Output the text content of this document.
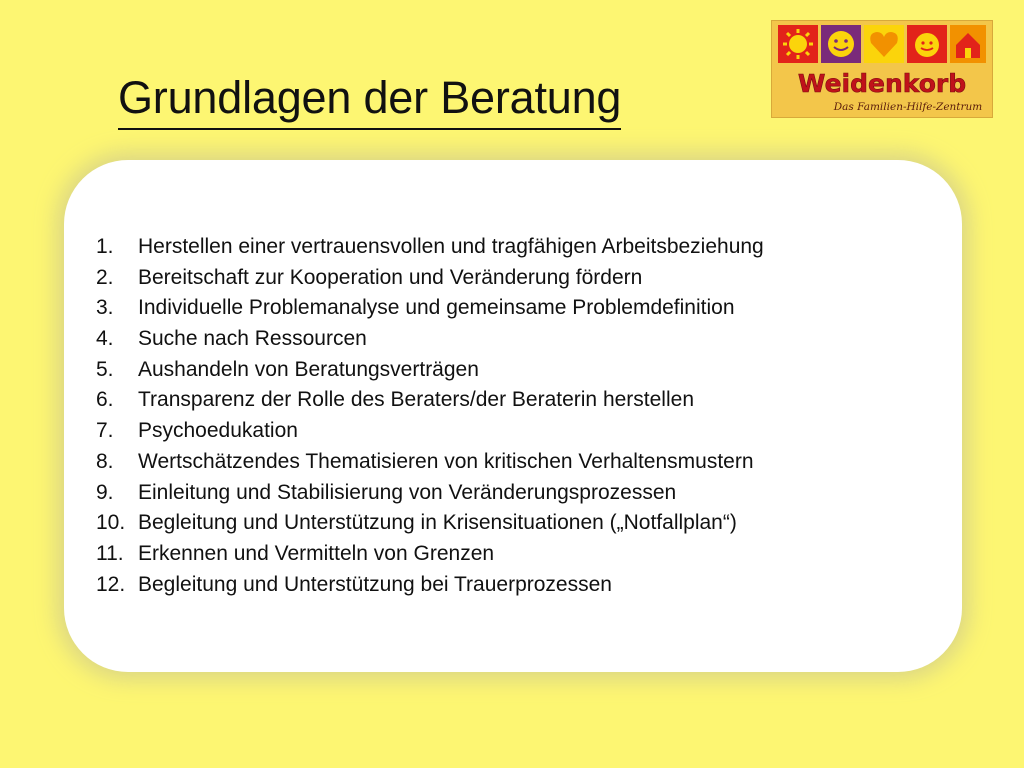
Grundlagen der Beratung	Weidenkorb
Das Familien-Hilfe-Zentrum
1. Herstellen einer vertrauensvollen und tragfähigen Arbeitsbeziehung
2. Bereitschaft zur Kooperation und Veränderung fördern
3. Individuelle Problemanalyse und gemeinsame Problemdefinition
4. Suche nach Ressourcen
5. Aushandeln von Beratungsverträgen
6. Transparenz der Rolle des Beraters/der Beraterin herstellen
7. Psychoedukation
8. Wertschätzendes Thematisieren von kritischen Verhaltensmustern
9. Einleitung und Stabilisierung von Veränderungsprozessen
10.Begleitung und Unterstützung in Krisensituationen („Notfallplan“)
11. Erkennen und Vermitteln von Grenzen
12. Begleitung und Unterstützung bei Trauerprozessen
